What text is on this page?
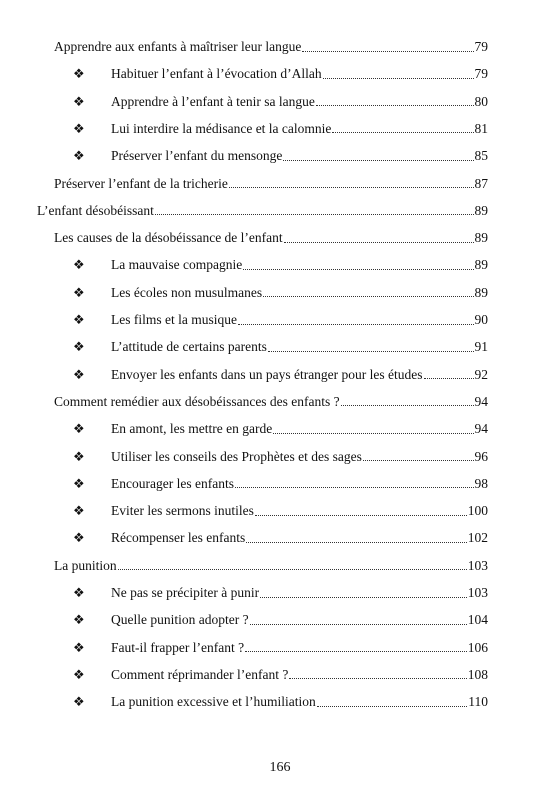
Apprendre aux enfants à maîtriser leur langue	79
❖ Habituer l’enfant à l’évocation d’Allah	79
❖ Apprendre à l’enfant à tenir sa langue	80
❖ Lui interdire la médisance et la calomnie	81
❖ Préserver l’enfant du mensonge	85
Préserver l’enfant de la tricherie	87
L’enfant désobéissant	89
Les causes de la désobéissance de l’enfant	89
❖ La mauvaise compagnie	89
❖ Les écoles non musulmanes	89
❖ Les films et la musique	90
❖ L’attitude de certains parents	91
❖ Envoyer les enfants dans un pays étranger pour les études	92
Comment remédier aux désobéissances des enfants ?	94
❖ En amont, les mettre en garde	94
❖ Utiliser les conseils des Prophètes et des sages	96
❖ Encourager les enfants	98
❖ Eviter les sermons inutiles	100
❖ Récompenser les enfants	102
La punition	103
❖ Ne pas se précipiter à punir	103
❖ Quelle punition adopter ?	104
❖ Faut-il frapper l’enfant ?	106
❖ Comment réprimander l’enfant ?	108
❖ La punition excessive et l’humiliation	110
166
